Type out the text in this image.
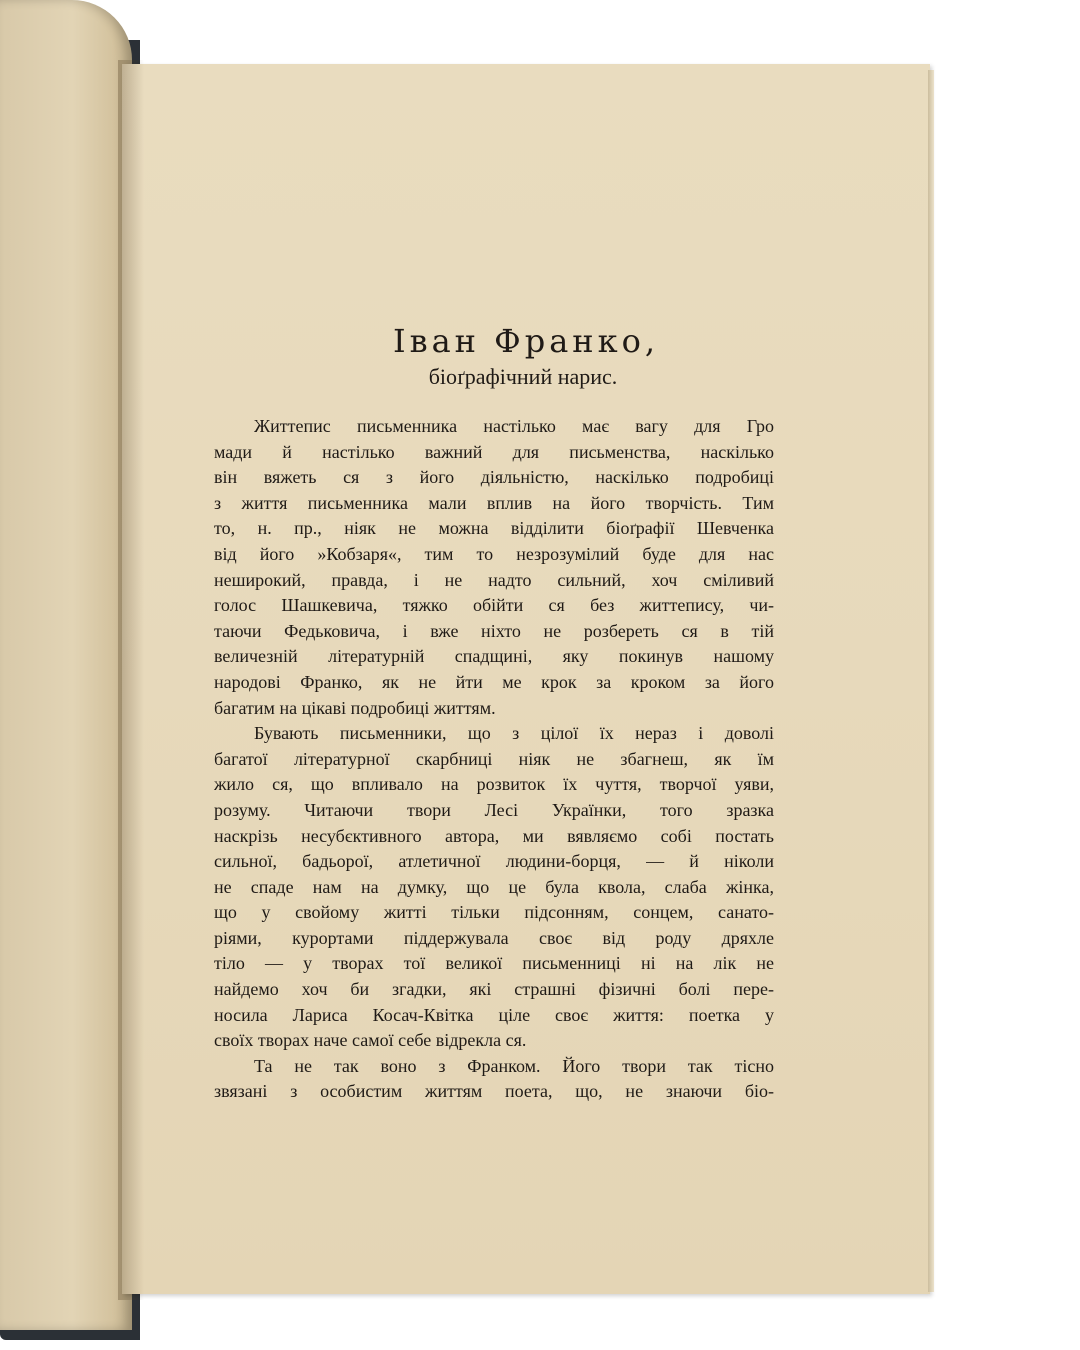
Іван Франко,
біоґрафічний нарис.
Життепис письменника настілько має вагу для Гро
мади й настілько важний для письменства, наскілько
він вяжеть ся з його діяльністю, наскілько подробиці
з життя письменника мали вплив на його творчість. Тим
то, н. пр., ніяк не можна відділити біоґрафії Шевченка
від його »Кобзаря«, тим то незрозумілий буде для нас
неширокий, правда, і не надто сильний, хоч сміливий
голос Шашкевича, тяжко обійти ся без життепису, чи-
таючи Федьковича, і вже ніхто не розбереть ся в тій
величезній літературній спадщині, яку покинув нашому
народові Франко, як не йти ме крок за кроком за його
багатим на цікаві подробиці життям.
Бувають письменники, що з цілої їх нераз і доволі
багатої літературної скарбниці ніяк не збагнеш, як їм
жило ся, що впливало на розвиток їх чуття, творчої уяви,
розуму. Читаючи твори Лесі Українки, того зразка
наскрізь несубєктивного автора, ми вявляємо собі постать
сильної, бадьорої, атлетичної людини-борця, — й ніколи
не спаде нам на думку, що це була квола, слаба жінка,
що у свойому житті тільки підсонням, сонцем, санато-
ріями, курортами піддержувала своє від роду дряхле
тіло — у творах тої великої письменниці ні на лік не
найдемо хоч би згадки, які страшні фізичні болі пере-
носила Лариса Косач-Квітка ціле своє життя: поетка у
своїх творах наче самої себе відрекла ся.
Та не так воно з Франком. Його твори так тісно
звязані з особистим життям поета, що, не знаючи біо-
